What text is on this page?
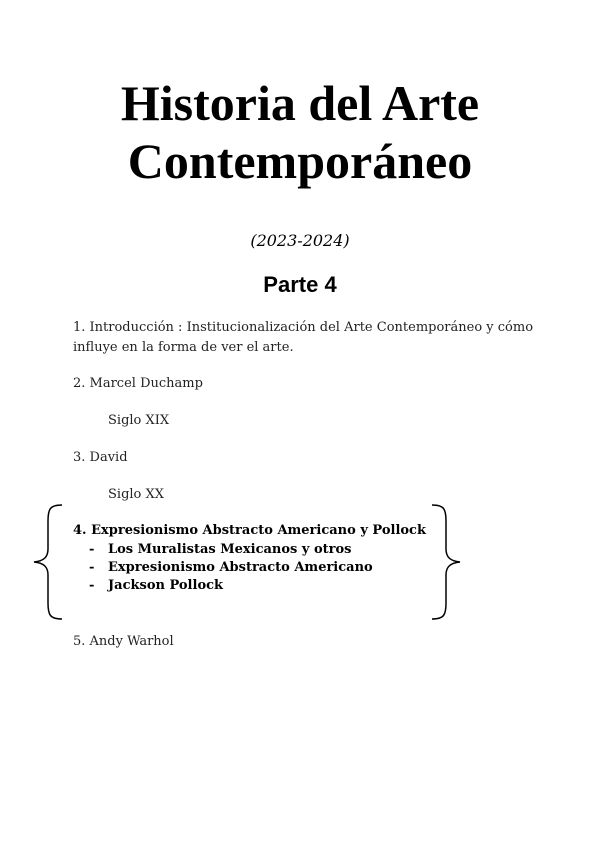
Historia del Arte
Contemporáneo
(2023-2024)
Parte 4
1. Introducción : Institucionalización del Arte Contemporáneo y cómo
influye en la forma de ver el arte.
2. Marcel Duchamp
Siglo XIX
3. David
Siglo XX
4. Expresionismo Abstracto Americano y Pollock
- Los Muralistas Mexicanos y otros
- Expresionismo Abstracto Americano
- Jackson Pollock
5. Andy Warhol
